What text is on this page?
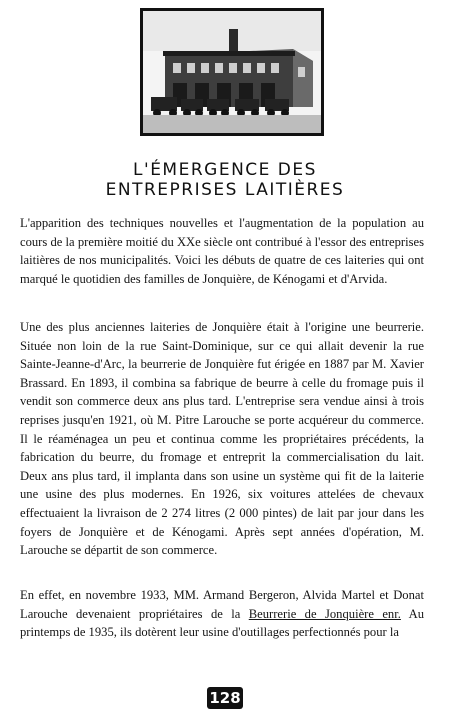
L'ÉMERGENCE DES
ENTREPRISES LAITIÈRES

L'apparition des techniques nouvelles et l'augmentation de la population au cours de la première moitié du XXe siècle ont contribué à l'essor des entreprises laitières de nos municipalités. Voici les débuts de quatre de ces laiteries qui ont marqué le quotidien des familles de Jonquière, de Kénogami et d'Arvida.

Une des plus anciennes laiteries de Jonquière était à l'origine une beurrerie. Située non loin de la rue Saint-Dominique, sur ce qui allait devenir la rue Sainte-Jeanne-d'Arc, la beurrerie de Jonquière fut érigée en 1887 par M. Xavier Brassard. En 1893, il combina sa fabrique de beurre à celle du fromage puis il vendit son commerce deux ans plus tard. L'entreprise sera vendue ainsi à trois reprises jusqu'en 1921, où M. Pitre Larouche se porte acquéreur du commerce. Il le réaménagea un peu et continua comme les propriétaires précédents, la fabrication du beurre, du fromage et entreprit la commercialisation du lait. Deux ans plus tard, il implanta dans son usine un système qui fit de la laiterie une usine des plus modernes. En 1926, six voitures attelées de chevaux effectuaient la livraison de 2 274 litres (2 000 pintes) de lait par jour dans les foyers de Jonquière et de Kénogami. Après sept années d'opération, M. Larouche se départit de son commerce.

En effet, en novembre 1933, MM. Armand Bergeron, Alvida Martel et Donat Larouche devenaient propriétaires de la Beurrerie de Jonquière enr. Au printemps de 1935, ils dotèrent leur usine d'outillages perfectionnés pour la

128
